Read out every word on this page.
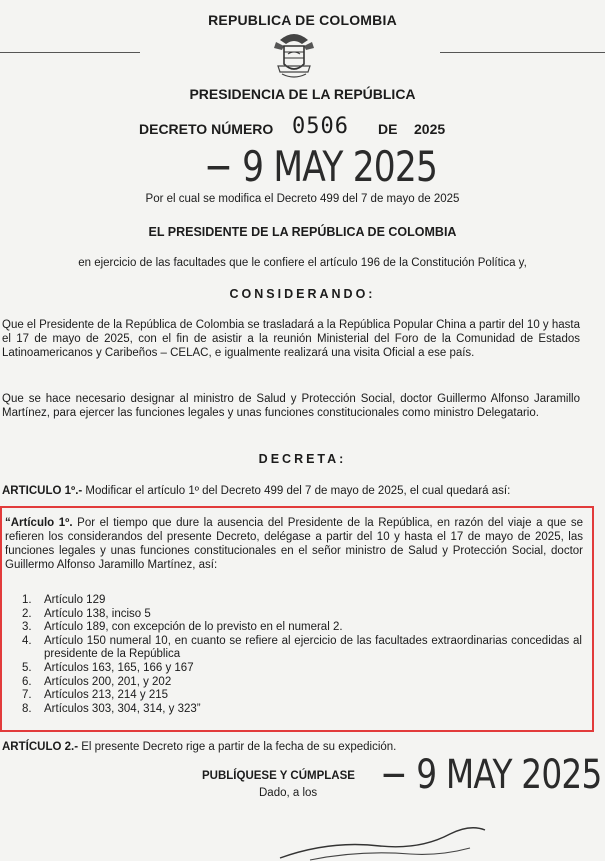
REPUBLICA DE COLOMBIA
PRESIDENCIA DE LA REPÚBLICA
DECRETO NÚMERO 0506 DE 2025
− 9 MAY 2025
Por el cual se modifica el Decreto 499 del 7 de mayo de 2025
EL PRESIDENTE DE LA REPÚBLICA DE COLOMBIA
en ejercicio de las facultades que le confiere el artículo 196 de la Constitución Política y,
CONSIDERANDO:
Que el Presidente de la República de Colombia se trasladará a la República Popular China a partir del 10 y hasta el 17 de mayo de 2025, con el fin de asistir a la reunión Ministerial del Foro de la Comunidad de Estados Latinoamericanos y Caribeños – CELAC, e igualmente realizará una visita Oficial a ese país.
Que se hace necesario designar al ministro de Salud y Protección Social, doctor Guillermo Alfonso Jaramillo Martínez, para ejercer las funciones legales y unas funciones constitucionales como ministro Delegatario.
DECRETA:
ARTICULO 1º.- Modificar el artículo 1º del Decreto 499 del 7 de mayo de 2025, el cual quedará así:
“Artículo 1º. Por el tiempo que dure la ausencia del Presidente de la República, en razón del viaje a que se refieren los considerandos del presente Decreto, delégase a partir del 10 y hasta el 17 de mayo de 2025, las funciones legales y unas funciones constitucionales en el señor ministro de Salud y Protección Social, doctor Guillermo Alfonso Jaramillo Martínez, así:
1.	Artículo 129
2.	Artículo 138, inciso 5
3.	Artículo 189, con excepción de lo previsto en el numeral 2.
4.	Artículo 150 numeral 10, en cuanto se refiere al ejercicio de las facultades extraordinarias concedidas al presidente de la República
5.	Artículos 163, 165, 166 y 167
6.	Artículos 200, 201, y 202
7.	Artículos 213, 214 y 215
8.	Artículos 303, 304, 314, y 323”
ARTÍCULO 2.- El presente Decreto rige a partir de la fecha de su expedición.
PUBLÍQUESE Y CÚMPLASE
Dado, a los − 9 MAY 2025
